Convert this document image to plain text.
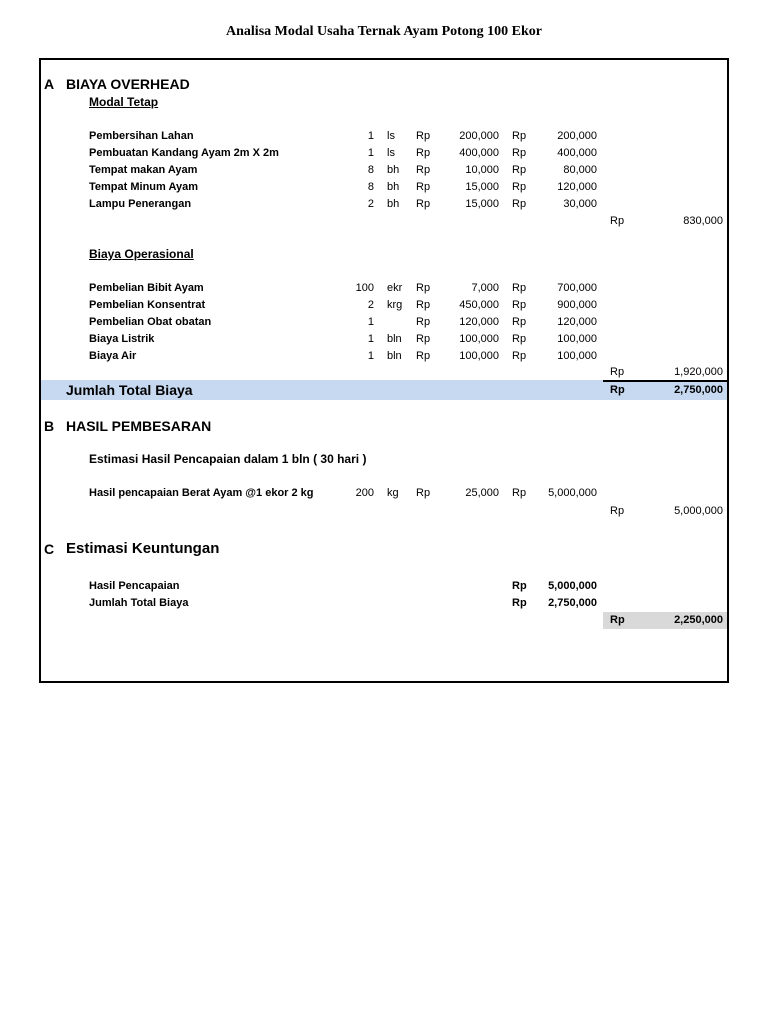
Analisa Modal Usaha Ternak Ayam Potong 100 Ekor
A BIAYA OVERHEAD
Modal Tetap
Pembersihan Lahan	1 ls Rp	200,000 Rp	200,000
Pembuatan Kandang Ayam 2m X 2m	1 ls Rp	400,000 Rp	400,000
Tempat makan Ayam	8 bh Rp	10,000 Rp	80,000
Tempat Minum Ayam	8 bh Rp	15,000 Rp	120,000
Lampu Penerangan	2 bh Rp	15,000 Rp	30,000
Rp	830,000
Biaya Operasional
Pembelian Bibit Ayam	100 ekr Rp	7,000 Rp	700,000
Pembelian Konsentrat	2 krg Rp	450,000 Rp	900,000
Pembelian Obat obatan	1	Rp	120,000 Rp	120,000
Biaya Listrik	1 bln Rp	100,000 Rp	100,000
Biaya Air	1 bln Rp	100,000 Rp	100,000
Rp	1,920,000
Jumlah Total Biaya	Rp	2,750,000
B HASIL PEMBESARAN
Estimasi Hasil Pencapaian dalam 1 bln ( 30 hari )
Hasil pencapaian Berat Ayam @1 ekor 2 kg	200 kg Rp	25,000 Rp 5,000,000
Rp	5,000,000
C Estimasi Keuntungan
Hasil Pencapaian	Rp 5,000,000
Jumlah Total Biaya	Rp 2,750,000
Rp	2,250,000
